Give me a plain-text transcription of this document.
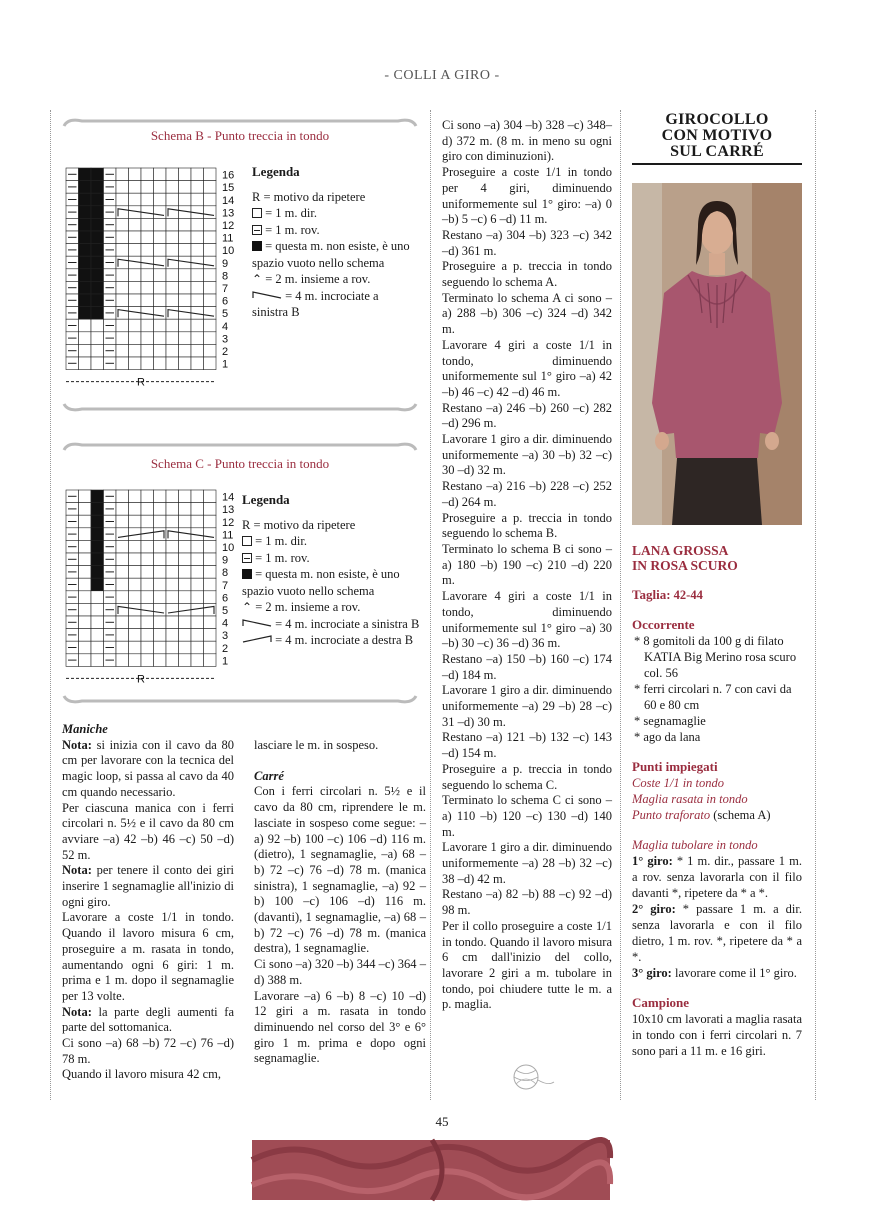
- COLLI A GIRO -
Schema B - Punto treccia in tondo
16
15
14
13
12
11
10
9
8
7
6
5
4
3
2
1
R
Legenda
R = motivo da ripetere
= 1 m. dir.
= 1 m. rov.
= questa m. non esiste, è uno spazio vuoto nello schema
⌃ = 2 m. insieme a rov.
= 4 m. incrociate a sinistra B
Schema C - Punto treccia in tondo
14
13
12
11
10
9
8
7
6
5
4
3
2
1
R
Legenda
R = motivo da ripetere
= 1 m. dir.
= 1 m. rov.
= questa m. non esiste, è uno spazio vuoto nello schema
⌃ = 2 m. insieme a rov.
= 4 m. incrociate a sinistra B
= 4 m. incrociate a destra B

Maniche

Nota: si inizia con il cavo da 80 cm per lavorare con la tecnica del magic loop, si passa al cavo da 40 cm quando necessario.

Per ciascuna manica con i ferri circolari n. 5½ e il cavo da 80 cm avviare –a) 42 –b) 46 –c) 50 –d) 52 m.

Nota: per tenere il conto dei giri inserire 1 segnamaglie all'inizio di ogni giro.

Lavorare a coste 1/1 in tondo. Quando il lavoro misura 6 cm, proseguire a m. rasata in tondo, aumentando ogni 6 giri: 1 m. prima e 1 m. dopo il segnamaglie per 13 volte.

Nota: la parte degli aumenti fa parte del sottomanica.

Ci sono –a) 68 –b) 72 –c) 76 –d) 78 m.

Quando il lavoro misura 42 cm,

lasciare le m. in sospeso.

Carré

Con i ferri circolari n. 5½ e il cavo da 80 cm, riprendere le m. lasciate in sospeso come segue: –a) 92 –b) 100 –c) 106 –d) 116 m. (dietro), 1 segnamaglie, –a) 68 –b) 72 –c) 76 –d) 78 m. (manica sinistra), 1 segnamaglie, –a) 92 –b) 100 –c) 106 –d) 116 m. (davanti), 1 segnamaglie, –a) 68 –b) 72 –c) 76 –d) 78 m. (manica destra), 1 segnamaglie.

Ci sono –a) 320 –b) 344 –c) 364 –d) 388 m.

Lavorare –a) 6 –b) 8 –c) 10 –d) 12 giri a m. rasata in tondo diminuendo nel corso del 3° e 6° giro 1 m. prima e dopo ogni segnamaglie.

Ci sono –a) 304 –b) 328 –c) 348–d) 372 m. (8 m. in meno su ogni giro con diminuzioni).

Proseguire a coste 1/1 in tondo per 4 giri, diminuendo uniformemente sul 1° giro: –a) 0 –b) 5 –c) 6 –d) 11 m.

Restano –a) 304 –b) 323 –c) 342 –d) 361 m.

Proseguire a p. treccia in tondo seguendo lo schema A.

Terminato lo schema A ci sono –a) 288 –b) 306 –c) 324 –d) 342 m.

Lavorare 4 giri a coste 1/1 in tondo, diminuendo uniformemente sul 1° giro –a) 42 –b) 46 –c) 42 –d) 46 m.

Restano –a) 246 –b) 260 –c) 282 –d) 296 m.

Lavorare 1 giro a dir. diminuendo uniformemente –a) 30 –b) 32 –c) 30 –d) 32 m.

Restano –a) 216 –b) 228 –c) 252 –d) 264 m.

Proseguire a p. treccia in tondo seguendo lo schema B.

Terminato lo schema B ci sono –a) 180 –b) 190 –c) 210 –d) 220 m.

Lavorare 4 giri a coste 1/1 in tondo, diminuendo uniformemente sul 1° giro –a) 30 –b) 30 –c) 36 –d) 36 m.

Restano –a) 150 –b) 160 –c) 174 –d) 184 m.

Lavorare 1 giro a dir. diminuendo uniformemente –a) 29 –b) 28 –c) 31 –d) 30 m.

Restano –a) 121 –b) 132 –c) 143 –d) 154 m.

Proseguire a p. treccia in tondo seguendo lo schema C.

Terminato lo schema C ci sono –a) 110 –b) 120 –c) 130 –d) 140 m.

Lavorare 1 giro a dir. diminuendo uniformemente –a) 28 –b) 32 –c) 38 –d) 42 m.

Restano –a) 82 –b) 88 –c) 92 –d) 98 m.

Per il collo proseguire a coste 1/1 in tondo. Quando il lavoro misura 6 cm dall'inizio del collo, lavorare 2 giri a m. tubolare in tondo, poi chiudere tutte le m. a p. maglia.

GIROCOLLO
CON MOTIVO
SUL CARRÉ
LANA GROSSA
IN ROSA SCURO
Taglia: 42-44
Occorrente
* 8 gomitoli da 100 g di filato KATIA Big Merino rosa scuro col. 56
* ferri circolari n. 7 con cavi da 60 e 80 cm
* segnamaglie
* ago da lana
Punti impiegati
Coste 1/1 in tondo
Maglia rasata in tondo
Punto traforato (schema A)
Maglia tubolare in tondo
1° giro: * 1 m. dir., passare 1 m. a rov. senza lavorarla con il filo davanti *, ripetere da * a *.
2° giro: * passare 1 m. a dir. senza lavorarla e con il filo dietro, 1 m. rov. *, ripetere da * a *.
3° giro: lavorare come il 1° giro.
Campione
10x10 cm lavorati a maglia rasata in tondo con i ferri circolari n. 7 sono pari a 11 m. e 16 giri.
45
